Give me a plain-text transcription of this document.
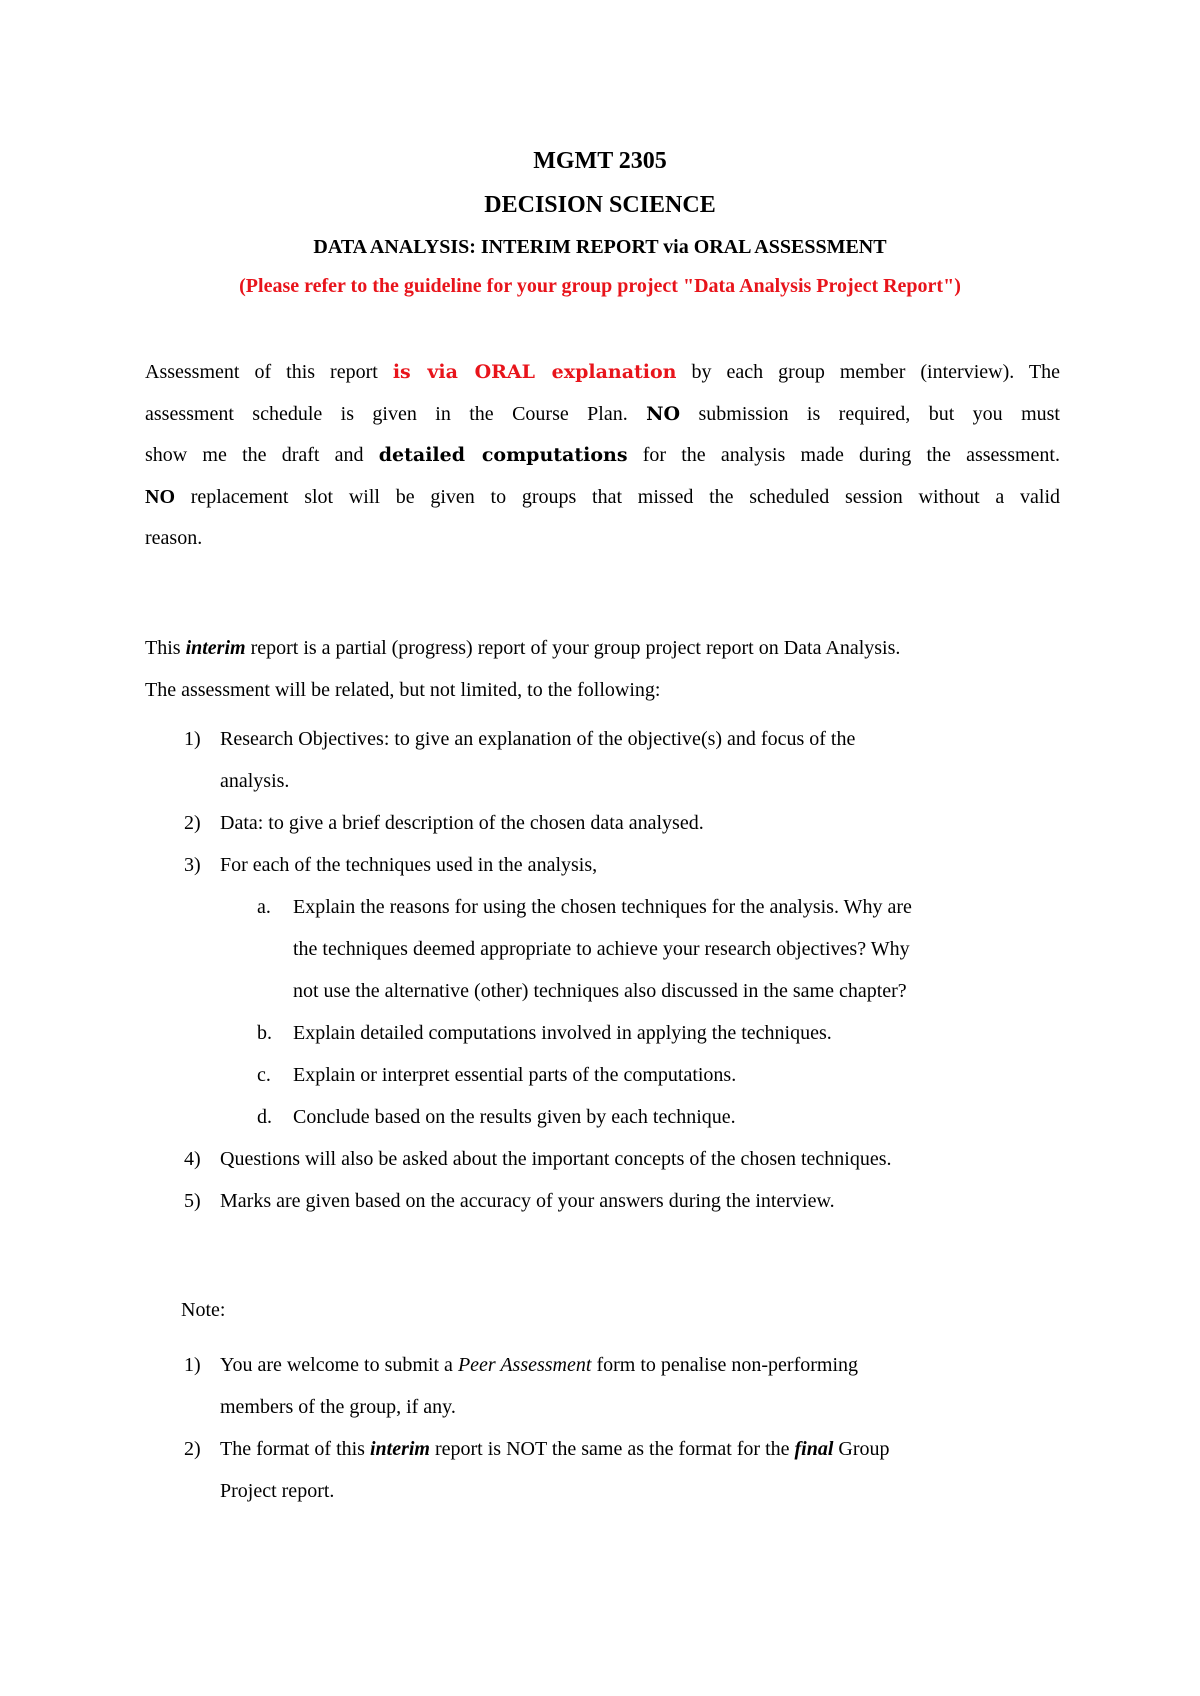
MGMT 2305
DECISION SCIENCE
DATA ANALYSIS: INTERIM REPORT via ORAL ASSESSMENT
(Please refer to the guideline for your group project "Data Analysis Project Report")
Assessment of this report is via ORAL explanation by each group member (interview). The
assessment schedule is given in the Course Plan. NO submission is required, but you must
show me the draft and detailed computations for the analysis made during the assessment.
NO replacement slot will be given to groups that missed the scheduled session without a valid
reason.
This interim report is a partial (progress) report of your group project report on Data Analysis.
The assessment will be related, but not limited, to the following:
1) Research Objectives: to give an explanation of the objective(s) and focus of the
analysis.
2) Data: to give a brief description of the chosen data analysed.
3) For each of the techniques used in the analysis,
a. Explain the reasons for using the chosen techniques for the analysis. Why are
the techniques deemed appropriate to achieve your research objectives? Why
not use the alternative (other) techniques also discussed in the same chapter?
b. Explain detailed computations involved in applying the techniques.
c. Explain or interpret essential parts of the computations.
d. Conclude based on the results given by each technique.
4) Questions will also be asked about the important concepts of the chosen techniques.
5) Marks are given based on the accuracy of your answers during the interview.
Note:
1) You are welcome to submit a Peer Assessment form to penalise non-performing
members of the group, if any.
2) The format of this interim report is NOT the same as the format for the final Group
Project report.
